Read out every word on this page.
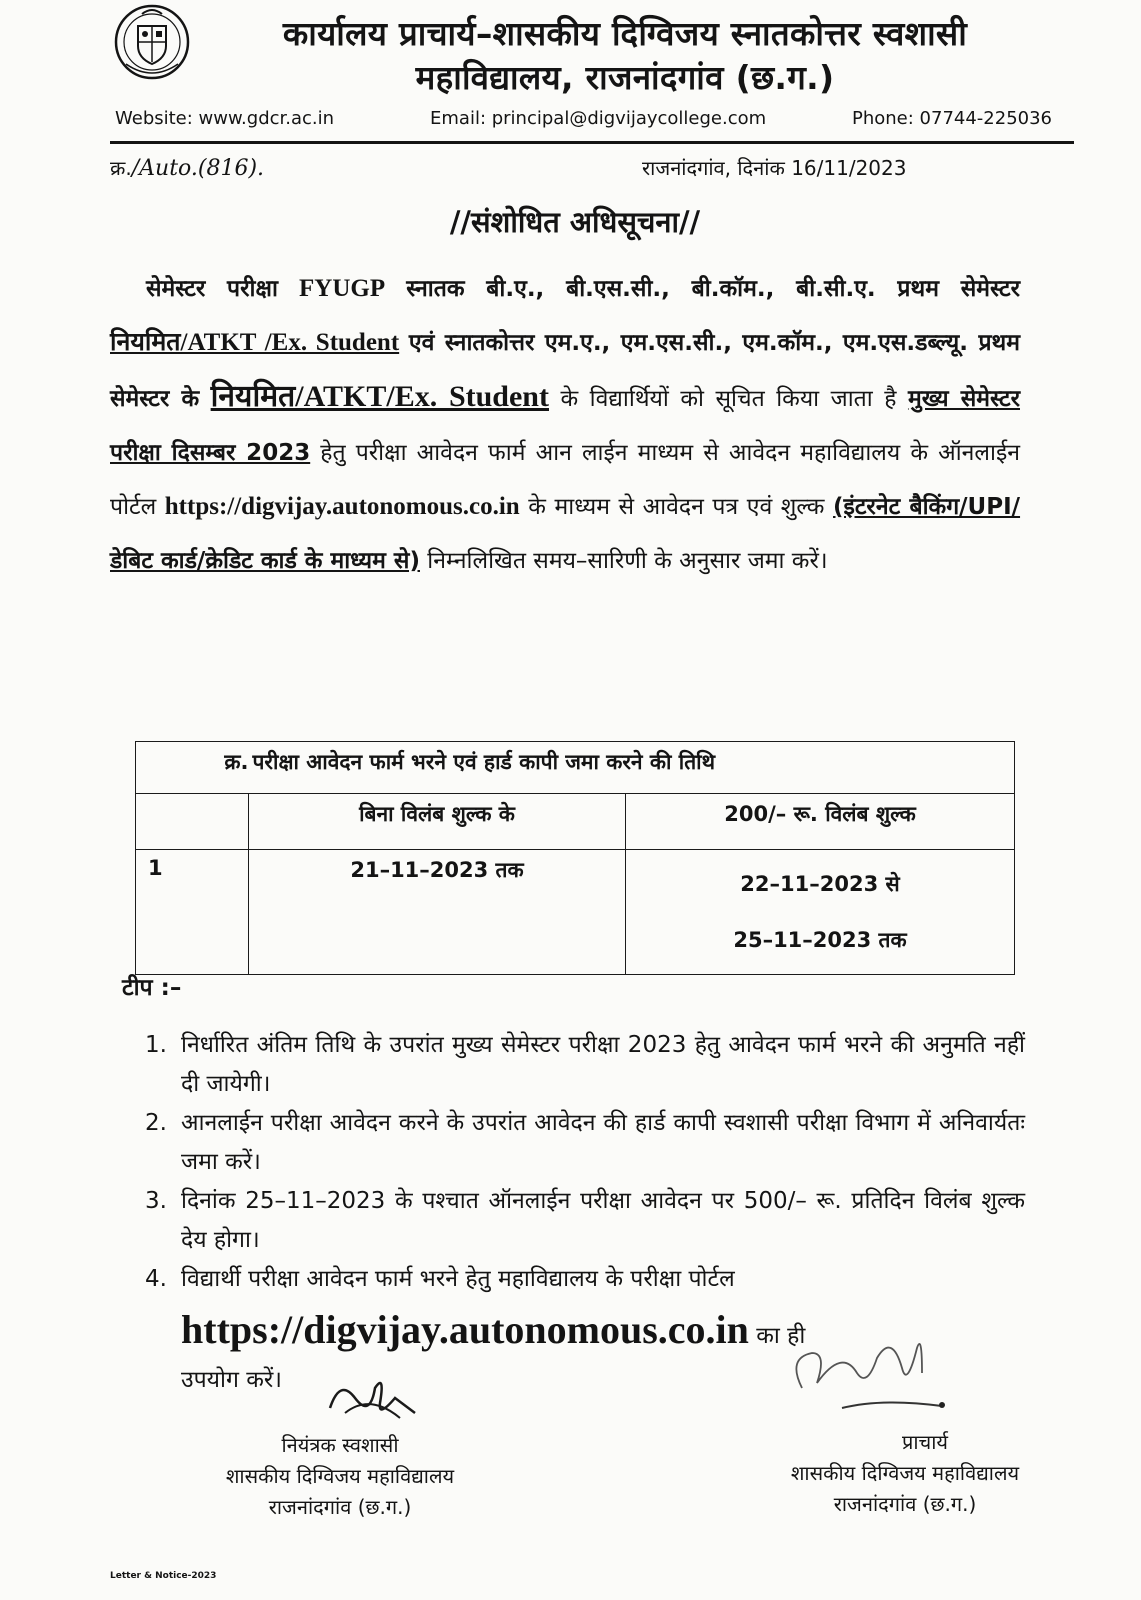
कार्यालय प्राचार्य–शासकीय दिग्विजय स्नातकोत्तर स्वशासी
महाविद्यालय, राजनांदगांव (छ.ग.)
Website: www.gdcr.ac.in	Email: principal@digvijaycollege.com	Phone: 07744-225036
क्र./Auto.(816).	राजनांदगांव, दिनांक 16/11/2023
//संशोधित अधिसूचना//
सेमेस्टर परीक्षा FYUGP स्नातक बी.ए., बी.एस.सी., बी.कॉम., बी.सी.ए. प्रथम सेमेस्टर नियमित/ATKT /Ex. Student एवं स्नातकोत्तर एम.ए., एम.एस.सी., एम.कॉम., एम.एस.डब्ल्यू. प्रथम सेमेस्टर के नियमित/ATKT/Ex. Student के विद्यार्थियों को सूचित किया जाता है मुख्य सेमेस्टर परीक्षा दिसम्बर 2023 हेतु परीक्षा आवेदन फार्म आन लाईन माध्यम से आवेदन महाविद्यालय के ऑनलाईन पोर्टल https://digvijay.autonomous.co.in के माध्यम से आवेदन पत्र एवं शुल्क (इंटरनेट बैकिंग/UPI/डेबिट कार्ड/क्रेडिट कार्ड के माध्यम से) निम्नलिखित समय–सारिणी के अनुसार जमा करें।
क्र.	परीक्षा आवेदन फार्म भरने एवं हार्ड कापी जमा करने की तिथि	
	बिना विलंब शुल्क के	200/– रू. विलंब शुल्क
1	21–11–2023 तक	22–11–2023 से
25–11–2023 तक
टीप :–
1. निर्धारित अंतिम तिथि के उपरांत मुख्य सेमेस्टर परीक्षा 2023 हेतु आवेदन फार्म भरने की अनुमति नहीं दी जायेगी।
2. आनलाईन परीक्षा आवेदन करने के उपरांत आवेदन की हार्ड कापी स्वशासी परीक्षा विभाग में अनिवार्यतः जमा करें।
3. दिनांक 25–11–2023 के पश्चात ऑनलाईन परीक्षा आवेदन पर 500/– रू. प्रतिदिन विलंब शुल्क देय होगा।
4. विद्यार्थी परीक्षा आवेदन फार्म भरने हेतु महाविद्यालय के परीक्षा पोर्टल
https://digvijay.autonomous.co.in का ही
उपयोग करें।
नियंत्रक स्वशासी
शासकीय दिग्विजय महाविद्यालय
राजनांदगांव (छ.ग.)
प्राचार्य
शासकीय दिग्विजय महाविद्यालय
राजनांदगांव (छ.ग.)
Letter & Notice-2023
